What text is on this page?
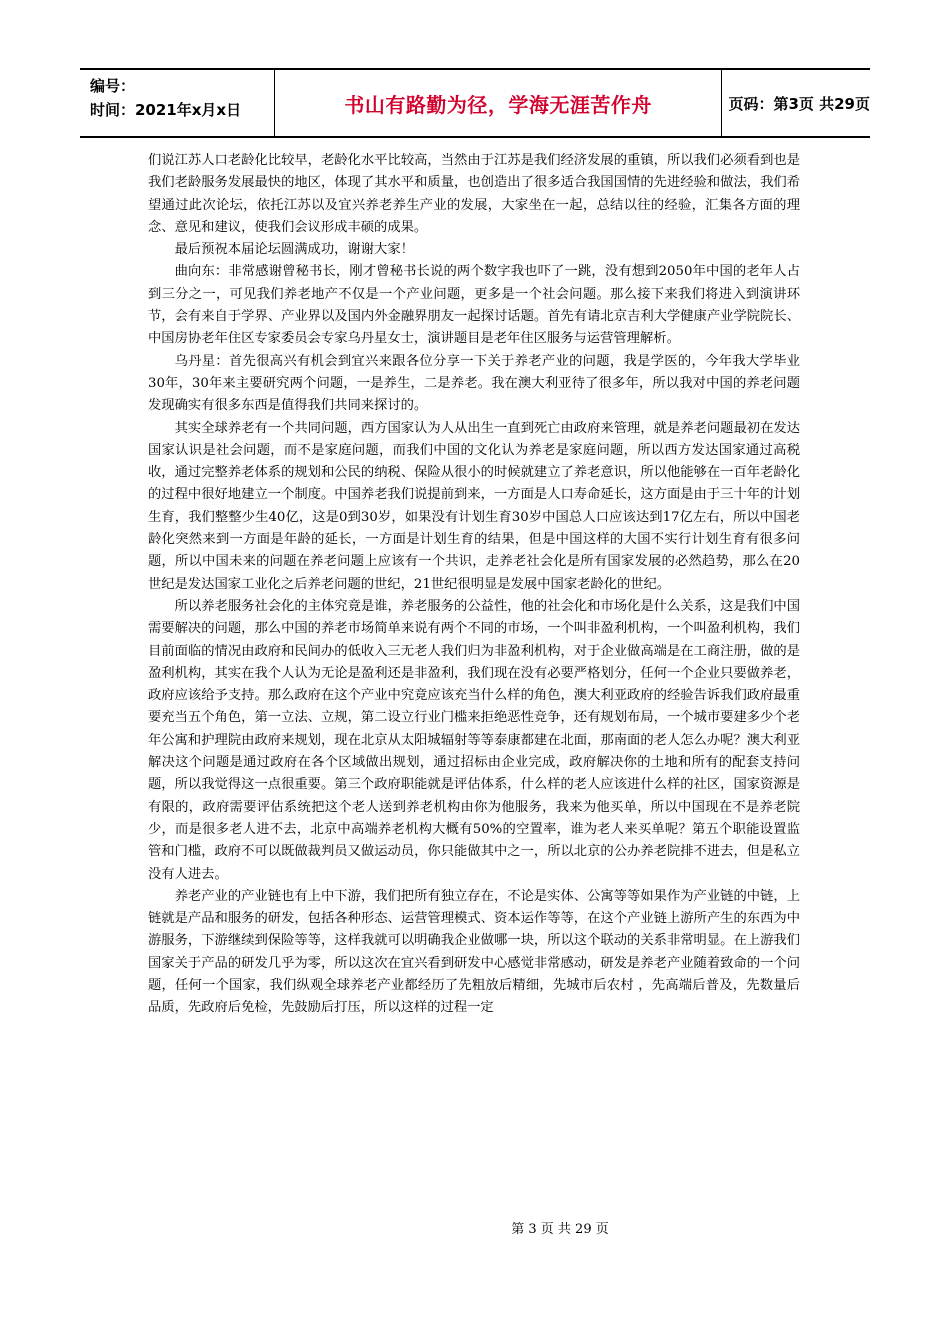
编号：
时间：2021年x月x日	书山有路勤为径，学海无涯苦作舟	页码：第3页 共29页

们说江苏人口老龄化比较早，老龄化水平比较高，当然由于江苏是我们经济发展的重镇，所以我们必须看到也是我们老龄服务发展最快的地区，体现了其水平和质量，也创造出了很多适合我国国情的先进经验和做法，我们希望通过此次论坛，依托江苏以及宜兴养老养生产业的发展，大家坐在一起，总结以往的经验，汇集各方面的理念、意见和建议，使我们会议形成丰硕的成果。

最后预祝本届论坛圆满成功，谢谢大家！

曲向东：非常感谢曾秘书长，刚才曾秘书长说的两个数字我也吓了一跳，没有想到2050年中国的老年人占到三分之一，可见我们养老地产不仅是一个产业问题，更多是一个社会问题。那么接下来我们将进入到演讲环节，会有来自于学界、产业界以及国内外金融界朋友一起探讨话题。首先有请北京吉利大学健康产业学院院长、中国房协老年住区专家委员会专家乌丹星女士，演讲题目是老年住区服务与运营管理解析。

乌丹星：首先很高兴有机会到宜兴来跟各位分享一下关于养老产业的问题，我是学医的，今年我大学毕业30年，30年来主要研究两个问题，一是养生，二是养老。我在澳大利亚待了很多年，所以我对中国的养老问题发现确实有很多东西是值得我们共同来探讨的。

其实全球养老有一个共同问题，西方国家认为人从出生一直到死亡由政府来管理，就是养老问题最初在发达国家认识是社会问题，而不是家庭问题，而我们中国的文化认为养老是家庭问题，所以西方发达国家通过高税收，通过完整养老体系的规划和公民的纳税、保险从很小的时候就建立了养老意识，所以他能够在一百年老龄化的过程中很好地建立一个制度。中国养老我们说提前到来，一方面是人口寿命延长，这方面是由于三十年的计划生育，我们整整少生40亿，这是0到30岁，如果没有计划生育30岁中国总人口应该达到17亿左右，所以中国老龄化突然来到一方面是年龄的延长，一方面是计划生育的结果，但是中国这样的大国不实行计划生育有很多问题，所以中国未来的问题在养老问题上应该有一个共识，走养老社会化是所有国家发展的必然趋势，那么在20世纪是发达国家工业化之后养老问题的世纪，21世纪很明显是发展中国家老龄化的世纪。

所以养老服务社会化的主体究竟是谁，养老服务的公益性，他的社会化和市场化是什么关系，这是我们中国需要解决的问题，那么中国的养老市场简单来说有两个不同的市场，一个叫非盈利机构，一个叫盈利机构，我们目前面临的情况由政府和民间办的低收入三无老人我们归为非盈利机构，对于企业做高端是在工商注册，做的是盈利机构，其实在我个人认为无论是盈利还是非盈利，我们现在没有必要严格划分，任何一个企业只要做养老，政府应该给予支持。那么政府在这个产业中究竟应该充当什么样的角色，澳大利亚政府的经验告诉我们政府最重要充当五个角色，第一立法、立规，第二设立行业门槛来拒绝恶性竞争，还有规划布局，一个城市要建多少个老年公寓和护理院由政府来规划，现在北京从太阳城辐射等等泰康都建在北面，那南面的老人怎么办呢？澳大利亚解决这个问题是通过政府在各个区域做出规划，通过招标由企业完成，政府解决你的土地和所有的配套支持问题，所以我觉得这一点很重要。第三个政府职能就是评估体系，什么样的老人应该进什么样的社区，国家资源是有限的，政府需要评估系统把这个老人送到养老机构由你为他服务，我来为他买单，所以中国现在不是养老院少，而是很多老人进不去，北京中高端养老机构大概有50%的空置率，谁为老人来买单呢？第五个职能设置监管和门槛，政府不可以既做裁判员又做运动员，你只能做其中之一，所以北京的公办养老院排不进去，但是私立没有人进去。

养老产业的产业链也有上中下游，我们把所有独立存在，不论是实体、公寓等等如果作为产业链的中链，上链就是产品和服务的研发，包括各种形态、运营管理模式、资本运作等等，在这个产业链上游所产生的东西为中游服务，下游继续到保险等等，这样我就可以明确我企业做哪一块，所以这个联动的关系非常明显。在上游我们国家关于产品的研发几乎为零，所以这次在宜兴看到研发中心感觉非常感动，研发是养老产业随着致命的一个问题，任何一个国家，我们纵观全球养老产业都经历了先粗放后精细，先城市后农村 ，先高端后普及，先数量后品质，先政府后免检，先鼓励后打压，所以这样的过程一定

第 3 页 共 29 页
